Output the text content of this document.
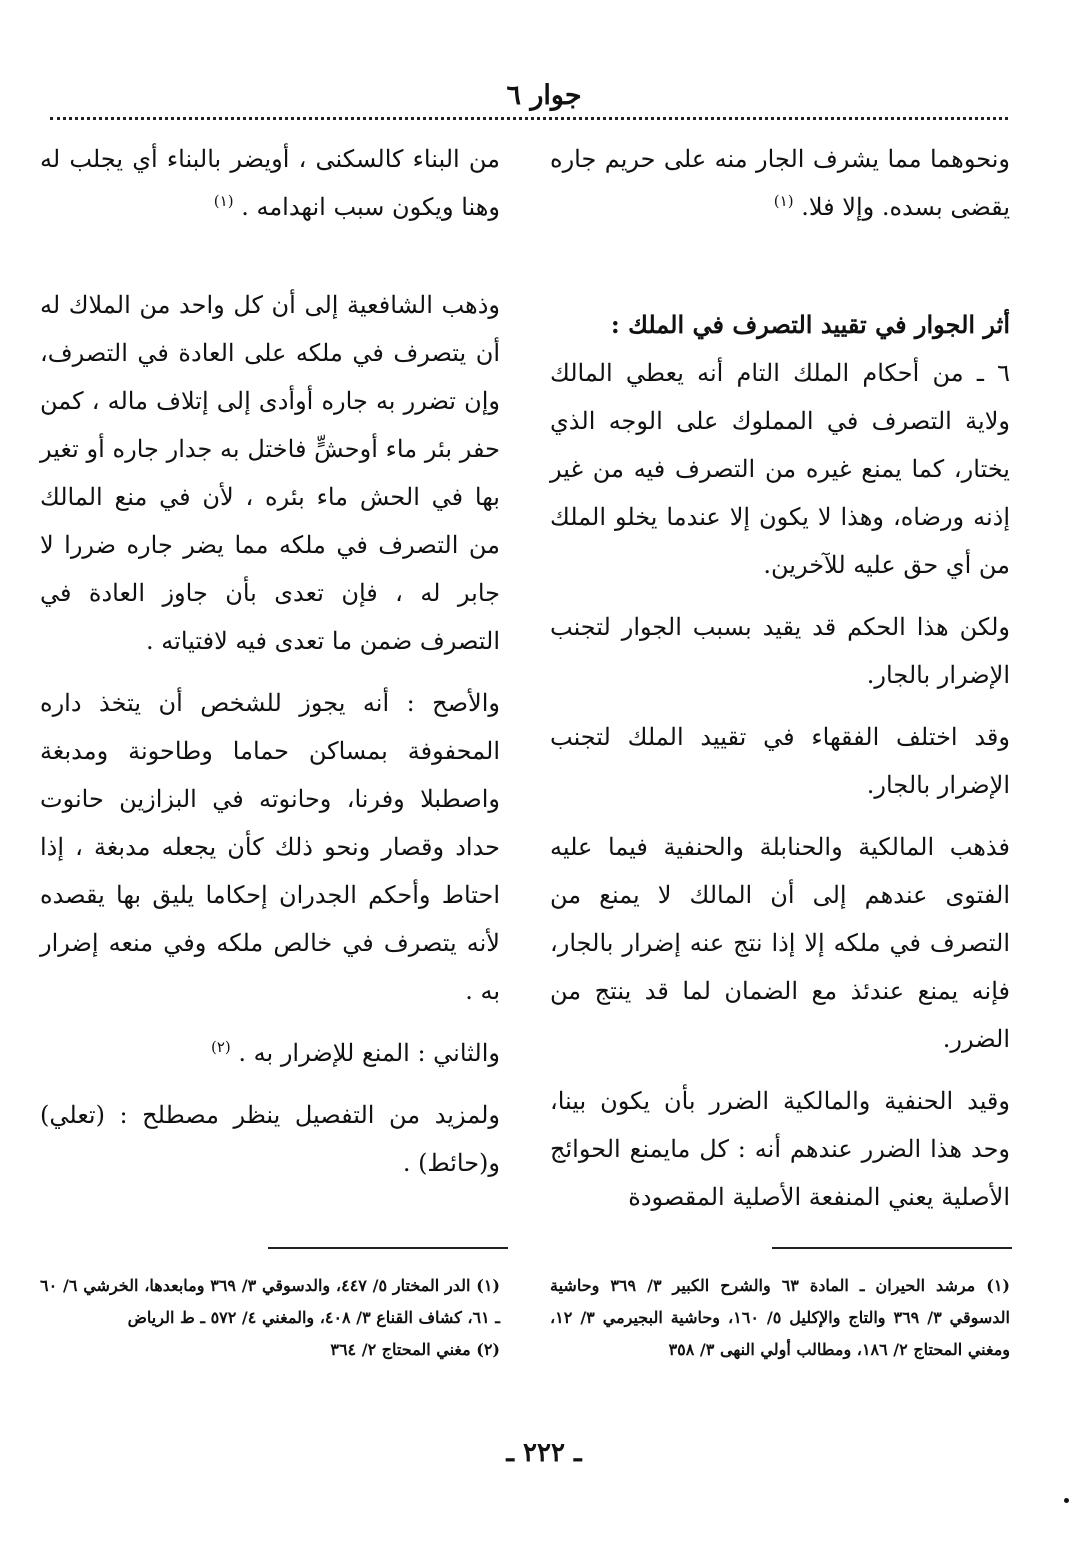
جوار ٦

ونحوهما مما يشرف الجار منه على حريم جاره يقضى بسده. وإلا فلا. $^{(١)}$

أثر الجوار في تقييد التصرف في الملك :

٦ ـ من أحكام الملك التام أنه يعطي المالك ولاية التصرف في المملوك على الوجه الذي يختار، كما يمنع غيره من التصرف فيه من غير إذنه ورضاه، وهذا لا يكون إلا عندما يخلو الملك من أي حق عليه للآخرين.

ولكن هذا الحكم قد يقيد بسبب الجوار لتجنب الإضرار بالجار.

وقد اختلف الفقهاء في تقييد الملك لتجنب الإضرار بالجار.

فذهب المالكية والحنابلة والحنفية فيما عليه الفتوى عندهم إلى أن المالك لا يمنع من التصرف في ملكه إلا إذا نتج عنه إضرار بالجار، فإنه يمنع عندئذ مع الضمان لما قد ينتج من الضرر.

وقيد الحنفية والمالكية الضرر بأن يكون بينا، وحد هذا الضرر عندهم أنه : كل مايمنع الحوائج الأصلية يعني المنفعة الأصلية المقصودة

من البناء كالسكنى ، أويضر بالبناء أي يجلب له وهنا ويكون سبب انهدامه . $^{(١)}$

وذهب الشافعية إلى أن كل واحد من الملاك له أن يتصرف في ملكه على العادة في التصرف، وإن تضرر به جاره أوأدى إلى إتلاف ماله ، كمن حفر بئر ماء أوحشٍّ فاختل به جدار جاره أو تغير بها في الحش ماء بئره ، لأن في منع المالك من التصرف في ملكه مما يضر جاره ضررا لا جابر له ، فإن تعدى بأن جاوز العادة في التصرف ضمن ما تعدى فيه لافتياته .

والأصح : أنه يجوز للشخص أن يتخذ داره المحفوفة بمساكن حماما وطاحونة ومدبغة واصطبلا وفرنا، وحانوته في البزازين حانوت حداد وقصار ونحو ذلك كأن يجعله مدبغة ، إذا احتاط وأحكم الجدران إحكاما يليق بها يقصده لأنه يتصرف في خالص ملكه وفي منعه إضرار به .

والثاني : المنع للإضرار به . $^{(٢)}$

ولمزيد من التفصيل ينظر مصطلح : (تعلي) و(حائط) .

(١) مرشد الحيران ـ المادة ٦٣ والشرح الكبير ٣/ ٣٦٩ وحاشية الدسوقي ٣/ ٣٦٩ والتاج والإكليل ٥/ ١٦٠، وحاشية البجيرمي ٣/ ١٢، ومغني المحتاج ٢/ ١٨٦، ومطالب أولي النهى ٣/ ٣٥٨

(١) الدر المختار ٥/ ٤٤٧، والدسوقي ٣/ ٣٦٩ ومابعدها، الخرشي ٦/ ٦٠ ـ ٦١، كشاف القناع ٣/ ٤٠٨، والمغني ٤/ ٥٧٢ ـ ط الرياض

(٢) مغني المحتاج ٢/ ٣٦٤

ـ ٢٢٢ ـ
